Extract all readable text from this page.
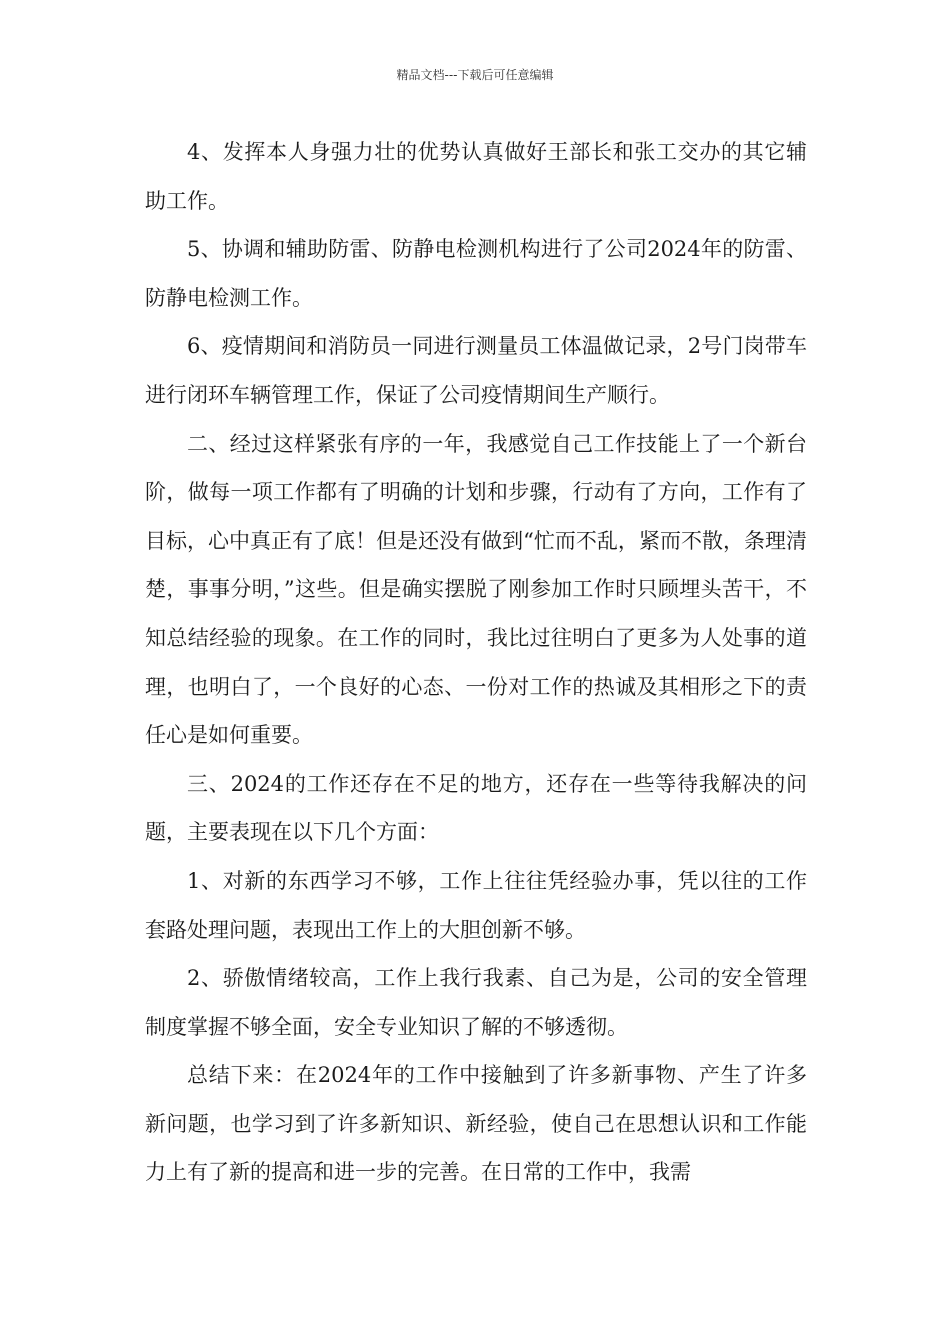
精品文档---下载后可任意编辑

4、发挥本人身强力壮的优势认真做好王部长和张工交办的其它辅助工作。

5、协调和辅助防雷、防静电检测机构进行了公司2024年的防雷、防静电检测工作。

6、疫情期间和消防员一同进行测量员工体温做记录，2号门岗带车进行闭环车辆管理工作，保证了公司疫情期间生产顺行。

二、经过这样紧张有序的一年，我感觉自己工作技能上了一个新台阶，做每一项工作都有了明确的计划和步骤，行动有了方向，工作有了目标，心中真正有了底！但是还没有做到“忙而不乱，紧而不散，条理清楚，事事分明，”这些。但是确实摆脱了刚参加工作时只顾埋头苦干，不知总结经验的现象。在工作的同时，我比过往明白了更多为人处事的道理，也明白了，一个良好的心态、一份对工作的热诚及其相形之下的责任心是如何重要。

三、2024的工作还存在不足的地方，还存在一些等待我解决的问题，主要表现在以下几个方面：

1、对新的东西学习不够，工作上往往凭经验办事，凭以往的工作套路处理问题，表现出工作上的大胆创新不够。

2、骄傲情绪较高，工作上我行我素、自己为是，公司的安全管理制度掌握不够全面，安全专业知识了解的不够透彻。

总结下来：在2024年的工作中接触到了许多新事物、产生了许多新问题，也学习到了许多新知识、新经验，使自己在思想认识和工作能力上有了新的提高和进一步的完善。在日常的工作中，我需
